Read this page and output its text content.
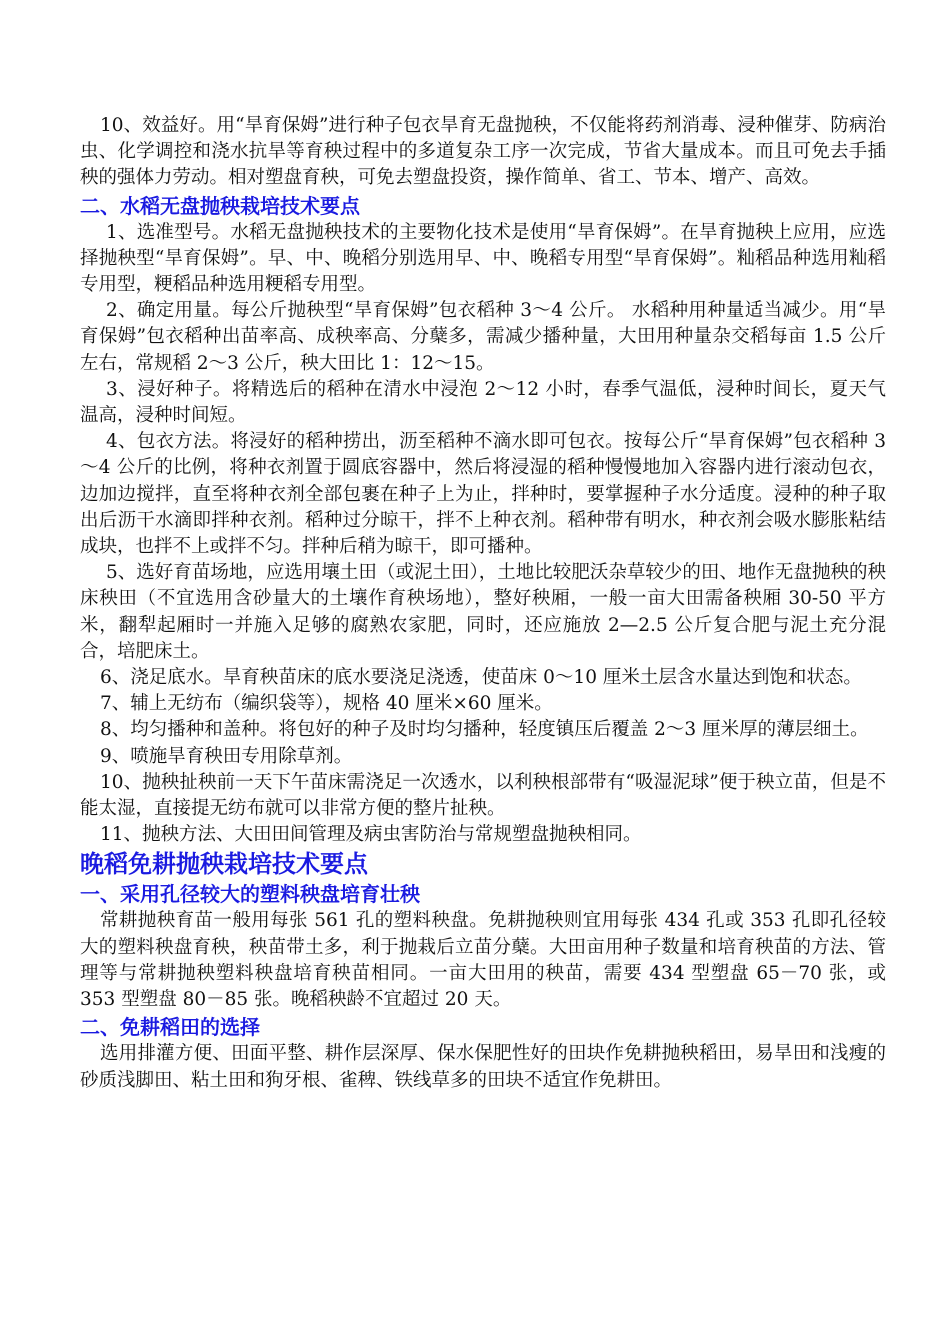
10、效益好。用“旱育保姆”进行种子包衣旱育无盘抛秧，不仅能将药剂消毒、浸种催芽、防病治虫、化学调控和浇水抗旱等育秧过程中的多道复杂工序一次完成，节省大量成本。而且可免去手插秧的强体力劳动。相对塑盘育秧，可免去塑盘投资，操作简单、省工、节本、增产、高效。

二、水稻无盘抛秧栽培技术要点

1、选准型号。水稻无盘抛秧技术的主要物化技术是使用“旱育保姆”。在旱育抛秧上应用，应选择抛秧型“旱育保姆”。早、中、晚稻分别选用早、中、晚稻专用型“旱育保姆”。籼稻品种选用籼稻专用型，粳稻品种选用粳稻专用型。

2、确定用量。每公斤抛秧型“旱育保姆”包衣稻种 3～4 公斤。 水稻种用种量适当减少。用“旱育保姆”包衣稻种出苗率高、成秧率高、分蘖多，需减少播种量，大田用种量杂交稻每亩 1.5 公斤左右，常规稻 2～3 公斤，秧大田比 1：12～15。

3、浸好种子。将精选后的稻种在清水中浸泡 2～12 小时，春季气温低，浸种时间长，夏天气温高，浸种时间短。

4、包衣方法。将浸好的稻种捞出，沥至稻种不滴水即可包衣。按每公斤“旱育保姆”包衣稻种 3～4 公斤的比例，将种衣剂置于圆底容器中，然后将浸湿的稻种慢慢地加入容器内进行滚动包衣，边加边搅拌，直至将种衣剂全部包裹在种子上为止，拌种时，要掌握种子水分适度。浸种的种子取出后沥干水滴即拌种衣剂。稻种过分晾干，拌不上种衣剂。稻种带有明水，种衣剂会吸水膨胀粘结成块，也拌不上或拌不匀。拌种后稍为晾干，即可播种。

5、选好育苗场地，应选用壤土田（或泥土田），土地比较肥沃杂草较少的田、地作无盘抛秧的秧床秧田（不宜选用含砂量大的土壤作育秧场地），整好秧厢，一般一亩大田需备秧厢 30-50 平方米，翻犁起厢时一并施入足够的腐熟农家肥，同时，还应施放 2—2.5 公斤复合肥与泥土充分混合，培肥床土。

6、浇足底水。旱育秧苗床的底水要浇足浇透，使苗床 0～10 厘米土层含水量达到饱和状态。

7、辅上无纺布（编织袋等），规格 40 厘米×60 厘米。

8、均匀播种和盖种。将包好的种子及时均匀播种，轻度镇压后覆盖 2～3 厘米厚的薄层细土。

9、喷施旱育秧田专用除草剂。

10、抛秧扯秧前一天下午苗床需浇足一次透水，以利秧根部带有“吸湿泥球”便于秧立苗，但是不能太湿，直接提无纺布就可以非常方便的整片扯秧。

11、抛秧方法、大田田间管理及病虫害防治与常规塑盘抛秧相同。

晚稻免耕抛秧栽培技术要点
一、采用孔径较大的塑料秧盘培育壮秧

常耕抛秧育苗一般用每张 561 孔的塑料秧盘。免耕抛秧则宜用每张 434 孔或 353 孔即孔径较大的塑料秧盘育秧，秧苗带土多，利于抛栽后立苗分蘖。大田亩用种子数量和培育秧苗的方法、管理等与常耕抛秧塑料秧盘培育秧苗相同。一亩大田用的秧苗，需要 434 型塑盘 65－70 张，或 353 型塑盘 80－85 张。晚稻秧龄不宜超过 20 天。

二、免耕稻田的选择

选用排灌方便、田面平整、耕作层深厚、保水保肥性好的田块作免耕抛秧稻田，易旱田和浅瘦的砂质浅脚田、粘土田和狗牙根、雀稗、铁线草多的田块不适宜作免耕田。
